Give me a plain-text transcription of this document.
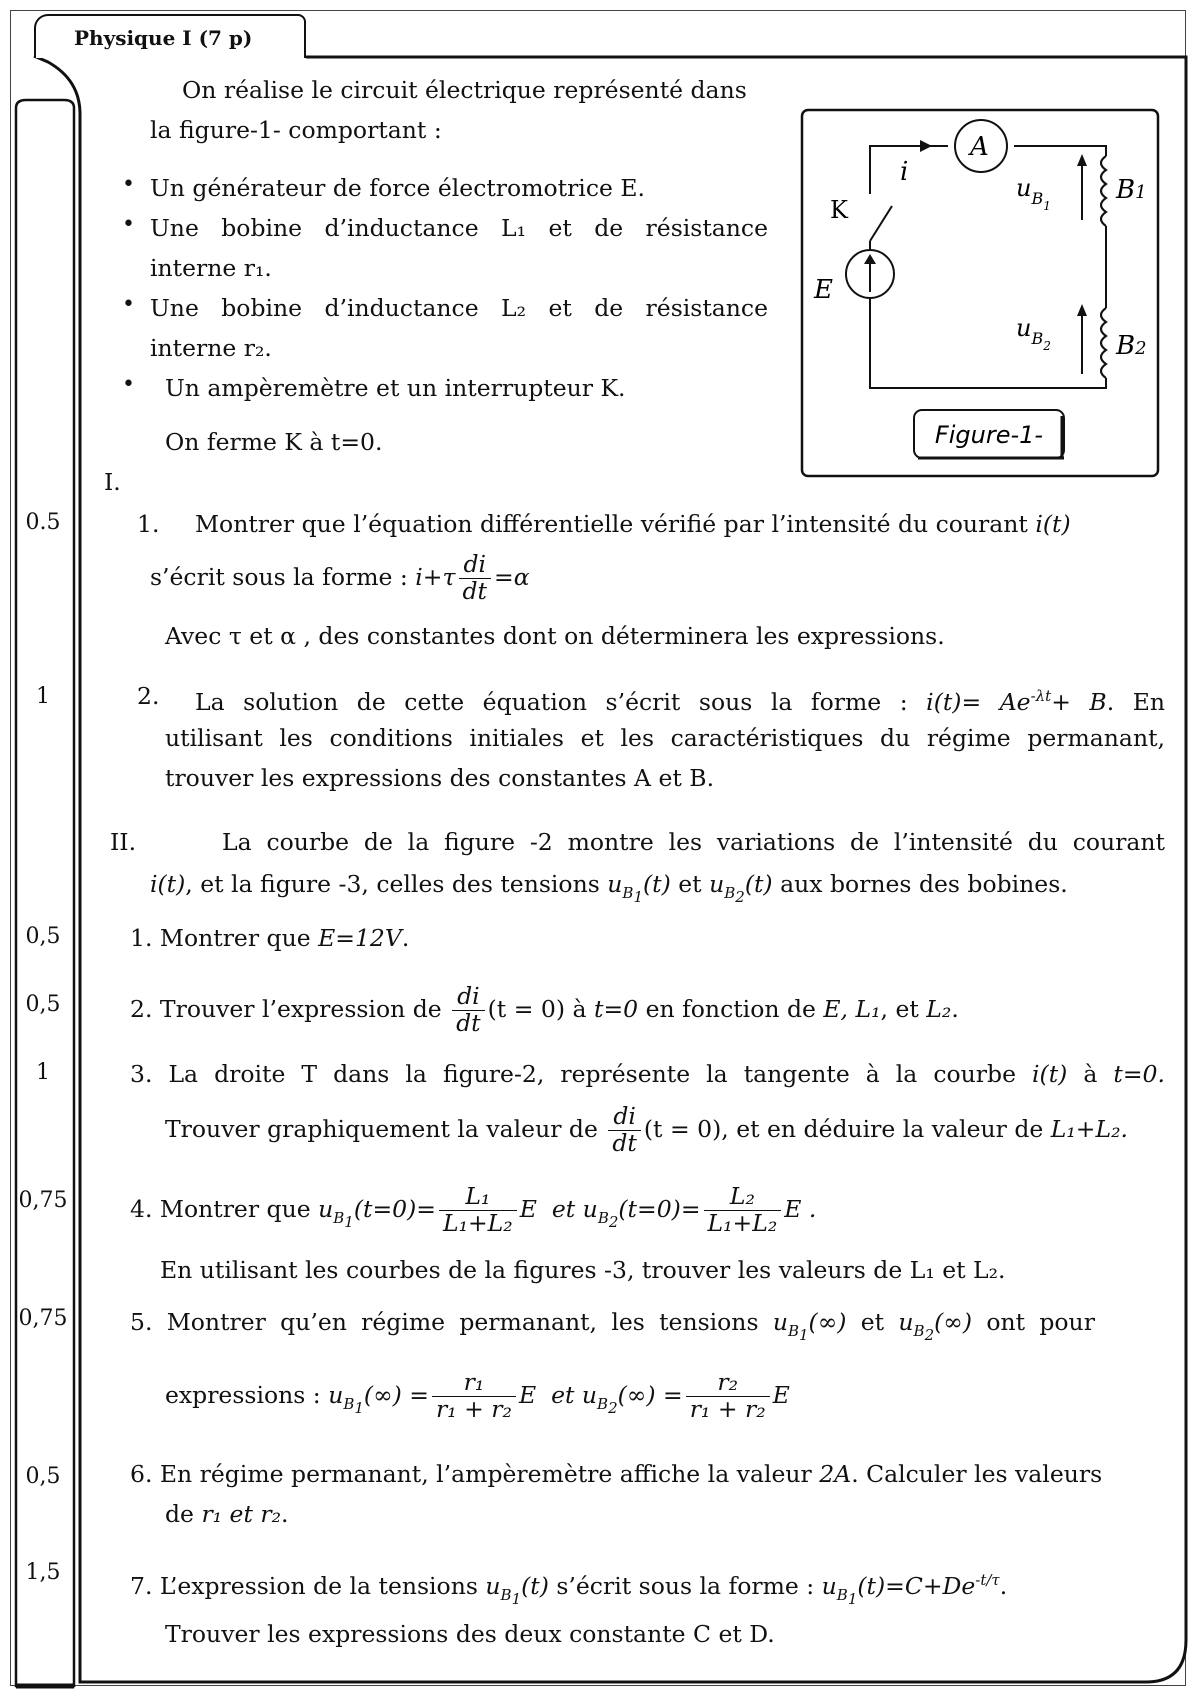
Physique I (7 p)
On réalise le circuit électrique représenté dans
la figure-1- comportant :
• Un générateur de force électromotrice E.
• Une bobine d’inductance L₁ et de résistance
interne r₁.
• Une bobine d’inductance L₂ et de résistance
interne r₂.
• Un ampèremètre et un interrupteur K.
On ferme K à t=0.
K
i
A
E
$u_{B1}$
B1
$u_{B2}$	B2
Figure-1-
I.
0.5	1. Montrer que l’équation différentielle vérifié par l’intensité du courant i(t)
s’écrit sous la forme : $i+\tau \frac{di}{dt} =\alpha$
Avec τ et α , des constantes dont on déterminera les expressions.
1	2. La solution de cette équation s’écrit sous la forme : $i(t)= Ae^{-\lambda t}+ B$. En
utilisant les conditions initiales et les caractéristiques du régime permanant,
trouver les expressions des constantes A et B.
II.	La courbe de la figure -2 montre les variations de l’intensité du courant
i(t), et la figure -3, celles des tensions $u_{B_1}(t)$ et $u_{B_2}(t)$ aux bornes des bobines.
0,5	1. Montrer que E=12V.
0,5	2. Trouver l’expression de $\frac{di}{dt} (t = 0)$ à t=0 en fonction de E, L₁, et L₂.
1	3. La droite T dans la figure-2, représente la tangente à la courbe i(t) à t=0.
Trouver graphiquement la valeur de $\frac{di}{dt} (t = 0)$, et en déduire la valeur de L₁+L₂.
0,75	4. Montrer que $u_{B_1}(t=0)= \frac{\text{L₁}}{\text{L₁+L₂}}$ E et $u_{B_2}(t=0)= \frac{\text{L₂}}{\text{L₁+L₂}}$ E .
En utilisant les courbes de la figures -3, trouver les valeurs de L₁ et L₂.
0,75	5. Montrer qu’en régime permanant, les tensions $u_{B_1}(\infty)$ et $u_{B_2}(\infty)$ ont pour
expressions : $u_{B_1}(\infty) = \frac{\text{r₁}}{\text{r₁ + r₂}}$ E et $u_{B_2}(\infty) = \frac{\text{r₂}}{\text{r₁ + r₂}}$ E
0,5	6. En régime permanant, l’ampèremètre affiche la valeur 2A. Calculer les valeurs
de r₁ et r₂.
1,5	7. L’expression de la tensions $u_{B_1}(t)$ s’écrit sous la forme : $u_{B_1}(t)=C+De^{-t/\tau}$.
Trouver les expressions des deux constante C et D.
